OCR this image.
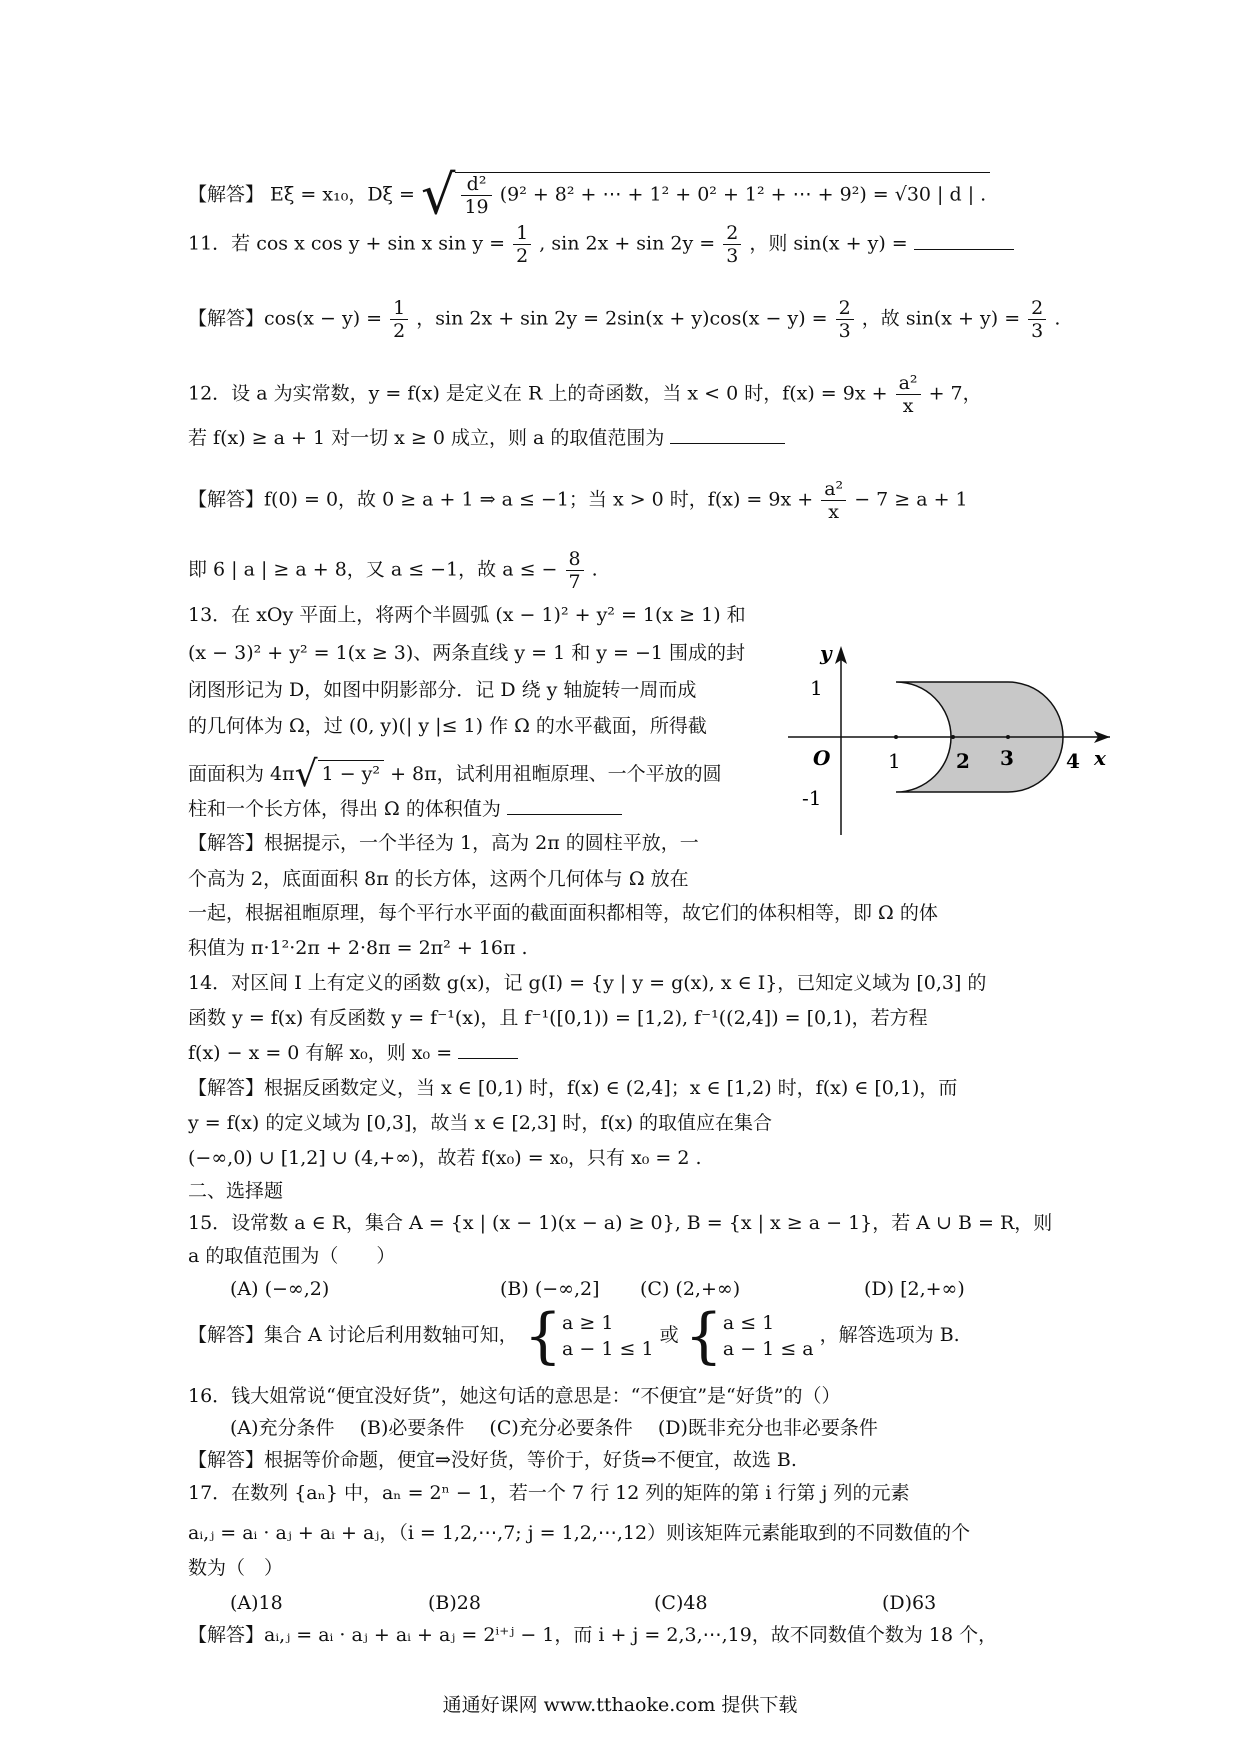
【解答】 Eξ = x₁₀，Dξ = √ $\frac{\text{d²}}{19} (9^2 + 8^2$ + ⋯ + 1² + 0² + 1² + ⋯ + 9²) = √30 | d | .
11．若 cos x cos y + sin x $\sin y = \frac{1}{2}$ , $\sin 2x + \sin 2y = \frac{2}{3}$ ，则 sin(x + y) =
【解答】$\cos(x - y) = \frac{1}{2}$ ，$\sin 2x + \sin 2y = 2\sin(x + y)\cos(x - y) = \frac{2}{3}$ ，故 $\sin(x + y) = \frac{2}{3}$ .
12．设 a 为实常数，y = f(x) 是定义在 R 上的奇函数，当 x < 0 时，$f(x) = 9x + \frac{\text{a²}}{x} + 7$，
若 f(x) ≥ a + 1 对一切 x ≥ 0 成立，则 a 的取值范围为
【解答】f(0) = 0，故 0 ≥ a + 1 ⇒ a ≤ −1；当 x > 0 时，$f(x) = 9x + \frac{\text{a²}}{x} - 7 \ge a + 1$
即 6 | a | ≥ a + 8，又 a ≤ −1，故 a ≤ − $\frac{8}{7}$ .
13．在 xOy 平面上，将两个半圆弧 (x − 1)² + y² = 1(x ≥ 1) 和
(x − 3)² + y² = 1(x ≥ 3)、两条直线 y = 1 和 y = −1 围成的封
闭图形记为 D，如图中阴影部分．记 D 绕 y 轴旋转一周而成
的几何体为 Ω，过 (0, y)(| y |≤ 1) 作 Ω 的水平截面，所得截
面面积为 4π√ 1 − y² + 8π，试利用祖暅原理、一个平放的圆
柱和一个长方体，得出 Ω 的体积值为
【解答】根据提示，一个半径为 1，高为 2π 的圆柱平放，一
个高为 2，底面面积 8π 的长方体，这两个几何体与 Ω 放在
一起，根据祖暅原理，每个平行水平面的截面面积都相等，故它们的体积相等，即 Ω 的体
积值为 π·1²·2π + 2·8π = 2π² + 16π .
y
x
O
1
-1
1	2 3	4
14．对区间 I 上有定义的函数 g(x)，记 g(I) = {y | y = g(x), x ∈ I}，已知定义域为 [0,3] 的
函数 y = f(x) 有反函数 y = f⁻¹(x)，且 f⁻¹([0,1)) = [1,2), f⁻¹((2,4]) = [0,1)，若方程
f(x) − x = 0 有解 x₀，则 x₀ =
【解答】根据反函数定义，当 x ∈ [0,1) 时，f(x) ∈ (2,4]；x ∈ [1,2) 时，f(x) ∈ [0,1)，而
y = f(x) 的定义域为 [0,3]，故当 x ∈ [2,3] 时，f(x) 的取值应在集合
(−∞,0) ∪ [1,2] ∪ (4,+∞)，故若 f(x₀) = x₀，只有 x₀ = 2 .
二、选择题
15．设常数 a ∈ R，集合 A = {x | (x − 1)(x − a) ≥ 0}, B = {x | x ≥ a − 1}，若 A ∪ B = R，则
a 的取值范围为（　　）
(A) (−∞,2)	(B) (−∞,2] (C) (2,+∞)	(D) [2,+∞)
【解答】集合 A 讨论后利用数轴可知， { a ≥ 1
a − 1 ≤ 1
或 { a ≤ 1
a − 1 ≤ a
，解答选项为 B.
16．钱大姐常说“便宜没好货”，她这句话的意思是：“不便宜”是“好货”的（）
(A)充分条件　 (B)必要条件　 (C)充分必要条件　 (D)既非充分也非必要条件
【解答】根据等价命题，便宜⇒没好货，等价于，好货⇒不便宜，故选 B.
17．在数列 {aₙ} 中，aₙ = 2ⁿ − 1，若一个 7 行 12 列的矩阵的第 i 行第 j 列的元素
aᵢ,ⱼ = aᵢ · aⱼ + aᵢ + aⱼ，（i = 1,2,⋯,7; j = 1,2,⋯,12）则该矩阵元素能取到的不同数值的个
数为（　）
(A)18	(B)28	(C)48	(D)63
【解答】aᵢ,ⱼ = aᵢ · aⱼ + aᵢ + aⱼ = 2ⁱ⁺ʲ − 1，而 i + j = 2,3,⋯,19，故不同数值个数为 18 个，
通通好课网 www.tthaoke.com 提供下载
